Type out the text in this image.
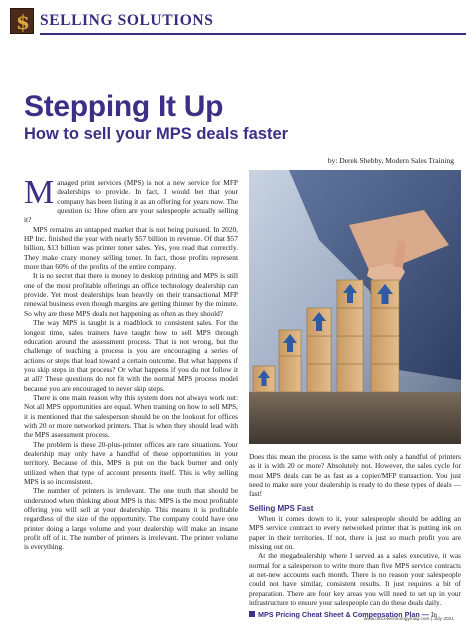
$ SELLING SOLUTIONS
Stepping It Up
How to sell your MPS deals faster
by: Derek Shebby, Modern Sales Training

Managed print services (MPS) is not a new service for MFP dealerships to provide. In fact, I would bet that your company has been listing it as an offering for years now. The question is: How often are your salespeople actually selling it?

MPS remains an untapped market that is not being pursued. In 2020, HP Inc. finished the year with nearly $57 billion in revenue. Of that $57 billion, $13 billion was printer toner sales. Yes, you read that correctly. They make crazy money selling toner. In fact, those profits represent more than 60% of the profits of the entire company.

It is no secret that there is money in desktop printing and MPS is still one of the most profitable offerings an office technology dealership can provide. Yet most dealerships lean heavily on their transactional MFP renewal business even though margins are getting thinner by the minute. So why are these MPS deals not happening as often as they should?

The way MPS is taught is a roadblock to consistent sales. For the longest time, sales trainers have taught how to sell MPS through education around the assessment process. That is not wrong, but the challenge of teaching a process is you are encouraging a series of actions or steps that lead toward a certain outcome. But what happens if you skip steps in that process? Or what happens if you do not follow it at all? These questions do not fit with the normal MPS process model because you are encouraged to never skip steps.

There is one main reason why this system does not always work out: Not all MPS opportunities are equal. When training on how to sell MPS, it is mentioned that the salesperson should be on the lookout for offices with 20 or more networked printers. That is when they should lead with the MPS assessment process.

The problem is these 20-plus-printer offices are rare situations. Your dealership may only have a handful of these opportunities in your territory. Because of this, MPS is put on the back burner and only utilized when that type of account presents itself. This is why selling MPS is so inconsistent.

The number of printers is irrelevant. The one truth that should be understood when thinking about MPS is this: MPS is the most profitable offering you will sell at your dealership. This means it is profitable regardless of the size of the opportunity. The company could have one printer doing a large volume and your dealership will make an insane profit off of it. The number of printers is irrelevant. The printer volume is everything.

Does this mean the process is the same with only a handful of printers as it is with 20 or more? Absolutely not. However, the sales cycle for most MPS deals can be as fast as a copier/MFP transaction. You just need to make sure your dealership is ready to do these types of deals — fast!

Selling MPS Fast

When it comes down to it, your salespeople should be adding an MPS service contract to every networked printer that is putting ink on paper in their territories. If not, there is just so much profit you are missing out on.

At the megadealership where I served as a sales executive, it was normal for a salesperson to write more than five MPS service contracts at net-new accounts each month. There is no reason your salespeople could not have similar, consistent results. It just requires a bit of preparation. There are four key areas you will need to set up in your infrastructure to ensure your salespeople can do these deals daily.

MPS Pricing Cheat Sheet & Compensation Plan — In
www.officetechnologymag.com | July 2021
